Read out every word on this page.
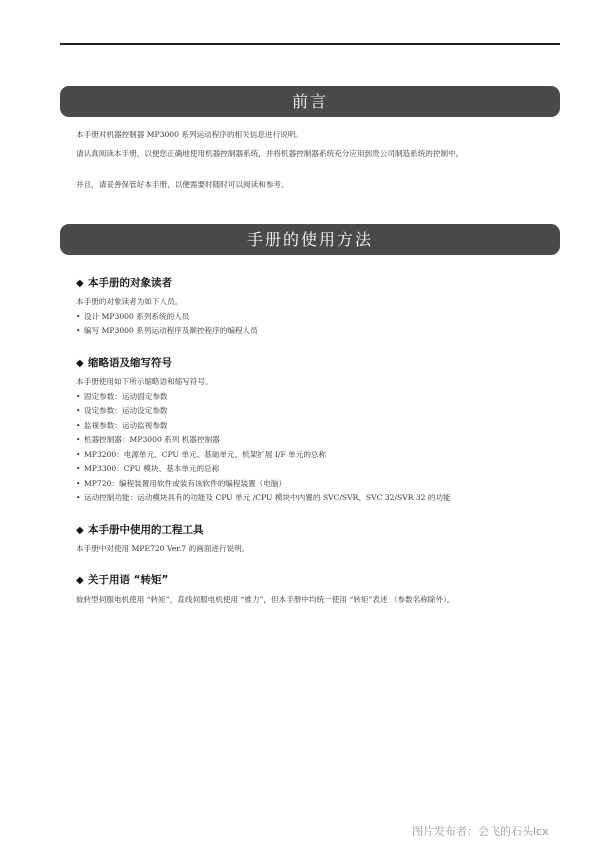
前言
本手册对机器控制器 MP3000 系列运动程序的相关信息进行说明。
请认真阅读本手册，以便您正确地使用机器控制器系统，并将机器控制器系统充分应用到贵公司制造系统的控制中。
并且，请妥善保管好本手册，以便需要时随时可以阅读和参考。
手册的使用方法
◆ 本手册的对象读者
本手册的对象读者为如下人员。
• 设计 MP3000 系列系统的人员
• 编写 MP3000 系列运动程序及顺控程序的编程人员
◆ 缩略语及缩写符号
本手册使用如下所示缩略语和缩写符号。
• 固定参数：运动固定参数
• 设定参数：运动设定参数
• 监视参数：运动监视参数
• 机器控制器：MP3000 系列 机器控制器
• MP3200：电源单元、CPU 单元、基础单元、机架扩展 I/F 单元的总称
• MP3300：CPU 模块、基本单元的总称
• MP720：编程装置用软件或装有该软件的编程装置（电脑）
• 运动控制功能：运动模块具有的功能及 CPU 单元 /CPU 模块中内置的 SVC/SVR、SVC 32/SVR 32 的功能
◆ 本手册中使用的工程工具
本手册中对使用 MPE720 Ver.7 的画面进行说明。
◆ 关于用语 “转矩”
旋转型伺服电机使用 “转矩”，直线伺服电机使用 “推力”，但本手册中均统一使用 “转矩”表述 （参数名称除外）。
图片发布者：会飞的石头lcx
